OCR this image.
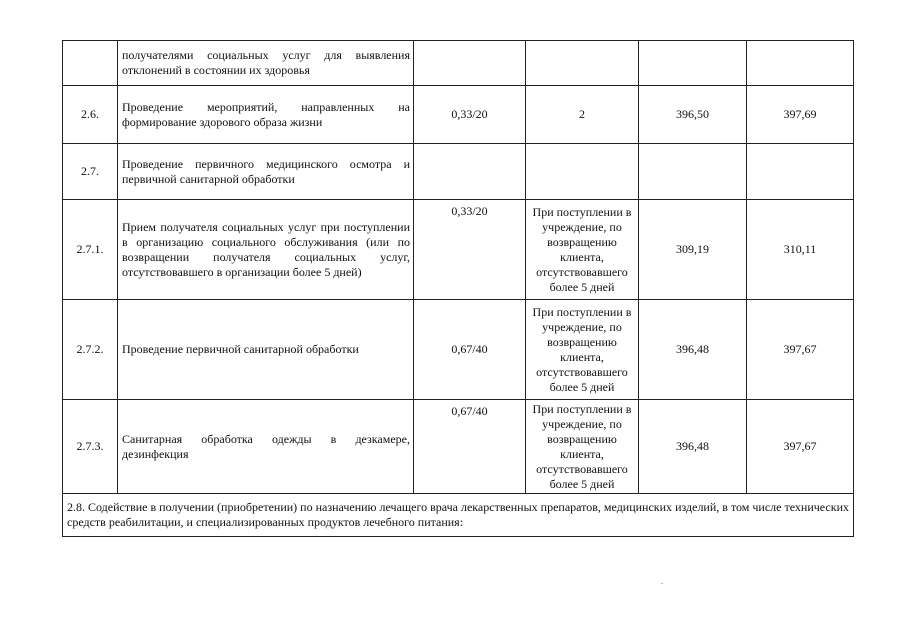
	получателями социальных услуг для выявления отклонений в состоянии их здоровья				
2.6.	Проведение мероприятий, направленных на формирование здорового образа жизни	0,33/20	2	396,50	397,69
2.7.	Проведение первичного медицинского осмотра и первичной санитарной обработки				
2.7.1.	Прием получателя социальных услуг при поступлении в организацию социального обслуживания (или по возвращении получателя социальных услуг, отсутствовавшего в организации более 5 дней)	0,33/20	При поступлении в учреждение, по возвращению клиента, отсутствовавшего более 5 дней	309,19	310,11
2.7.2.	Проведение первичной санитарной обработки	0,67/40	При поступлении в учреждение, по возвращению клиента, отсутствовавшего более 5 дней	396,48	397,67
2.7.3.	Санитарная обработка одежды в дезкамере, дезинфекция	0,67/40	При поступлении в учреждение, по возвращению клиента, отсутствовавшего более 5 дней	396,48	397,67
2.8. Содействие в получении (приобретении) по назначению лечащего врача лекарственных препаратов, медицинских изделий, в том числе технических средств реабилитации, и специализированных продуктов лечебного питания:					
